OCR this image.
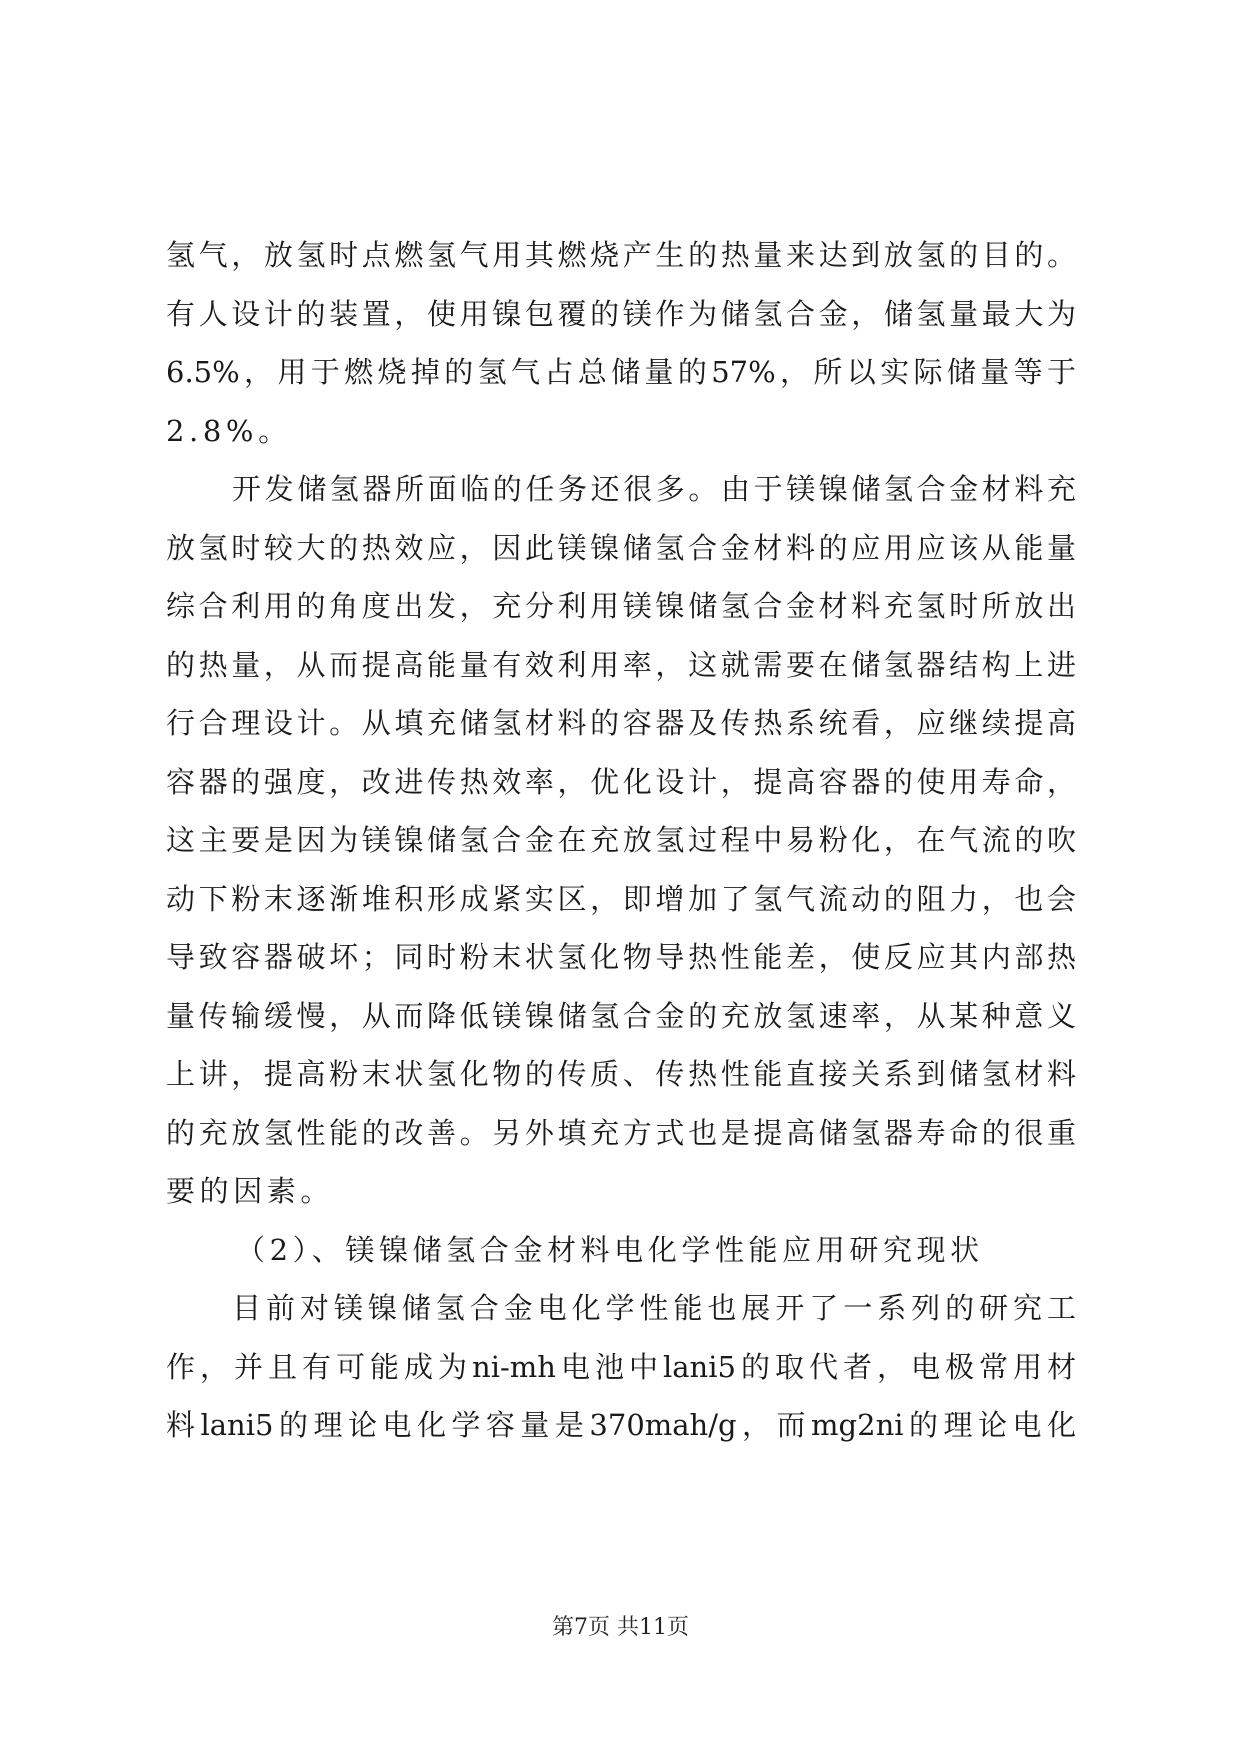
氢气，放氢时点燃氢气用其燃烧产生的热量来达到放氢的目的。
有人设计的装置，使用镍包覆的镁作为储氢合金，储氢量最大为
6.5%，用于燃烧掉的氢气占总储量的57%，所以实际储量等于
2.8%。
开发储氢器所面临的任务还很多。由于镁镍储氢合金材料充
放氢时较大的热效应，因此镁镍储氢合金材料的应用应该从能量
综合利用的角度出发，充分利用镁镍储氢合金材料充氢时所放出
的热量，从而提高能量有效利用率，这就需要在储氢器结构上进
行合理设计。从填充储氢材料的容器及传热系统看，应继续提高
容器的强度，改进传热效率，优化设计，提高容器的使用寿命，
这主要是因为镁镍储氢合金在充放氢过程中易粉化，在气流的吹
动下粉末逐渐堆积形成紧实区，即增加了氢气流动的阻力，也会
导致容器破坏；同时粉末状氢化物导热性能差，使反应其内部热
量传输缓慢，从而降低镁镍储氢合金的充放氢速率，从某种意义
上讲，提高粉末状氢化物的传质、传热性能直接关系到储氢材料
的充放氢性能的改善。另外填充方式也是提高储氢器寿命的很重
要的因素。
（2）、镁镍储氢合金材料电化学性能应用研究现状
目前对镁镍储氢合金电化学性能也展开了一系列的研究工
作，并且有可能成为ni-mh电池中lani5的取代者，电极常用材
料lani5的理论电化学容量是370mah/g，而mg2ni的理论电化
第7页 共11页
